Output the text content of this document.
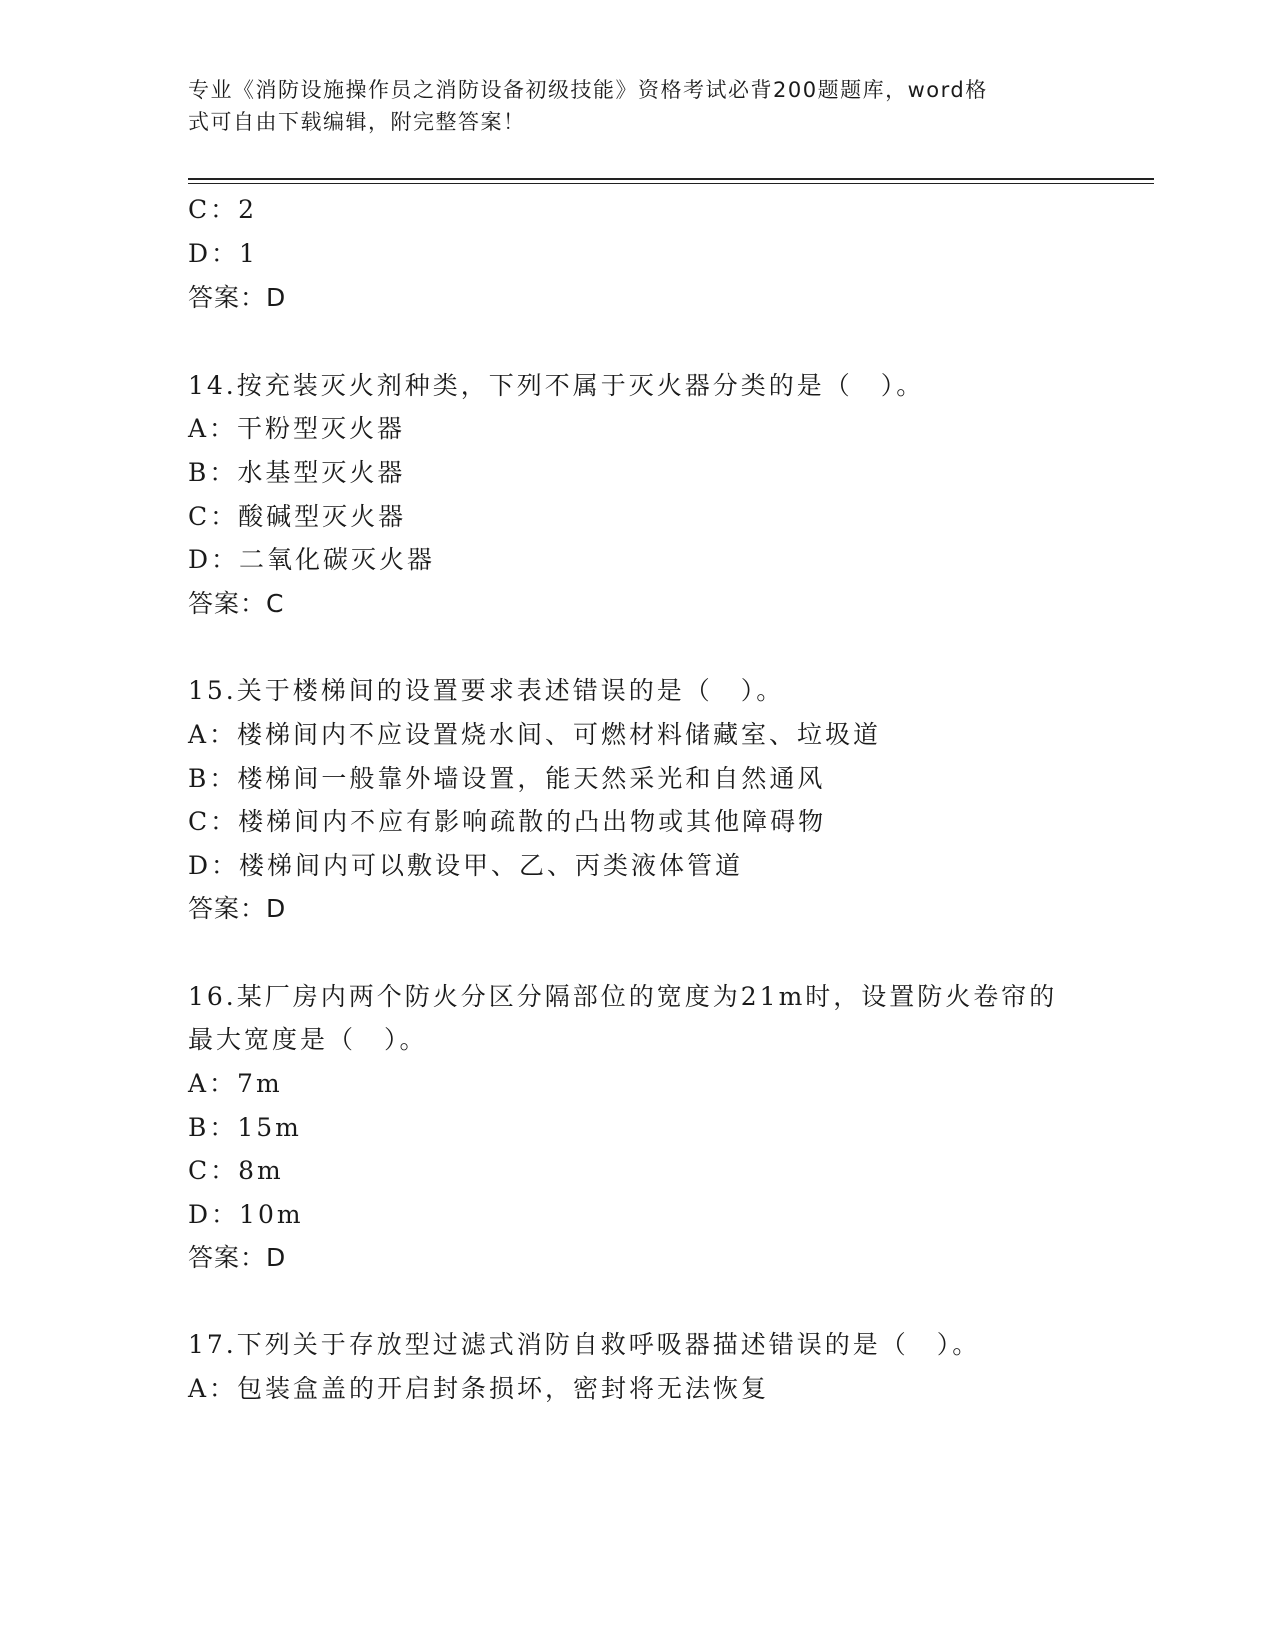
专业《消防设施操作员之消防设备初级技能》资格考试必背200题题库，word格
式可自由下载编辑，附完整答案！
C：2
D：1
答案：D
14.按充装灭火剂种类，下列不属于灭火器分类的是（　）。
A：干粉型灭火器
B：水基型灭火器
C：酸碱型灭火器
D：二氧化碳灭火器
答案：C
15.关于楼梯间的设置要求表述错误的是（　）。
A：楼梯间内不应设置烧水间、可燃材料储藏室、垃圾道
B：楼梯间一般靠外墙设置，能天然采光和自然通风
C：楼梯间内不应有影响疏散的凸出物或其他障碍物
D：楼梯间内可以敷设甲、乙、丙类液体管道
答案：D
16.某厂房内两个防火分区分隔部位的宽度为21m时，设置防火卷帘的
最大宽度是（　）。
A：7m
B：15m
C：8m
D：10m
答案：D
17.下列关于存放型过滤式消防自救呼吸器描述错误的是（　）。
A：包装盒盖的开启封条损坏，密封将无法恢复
